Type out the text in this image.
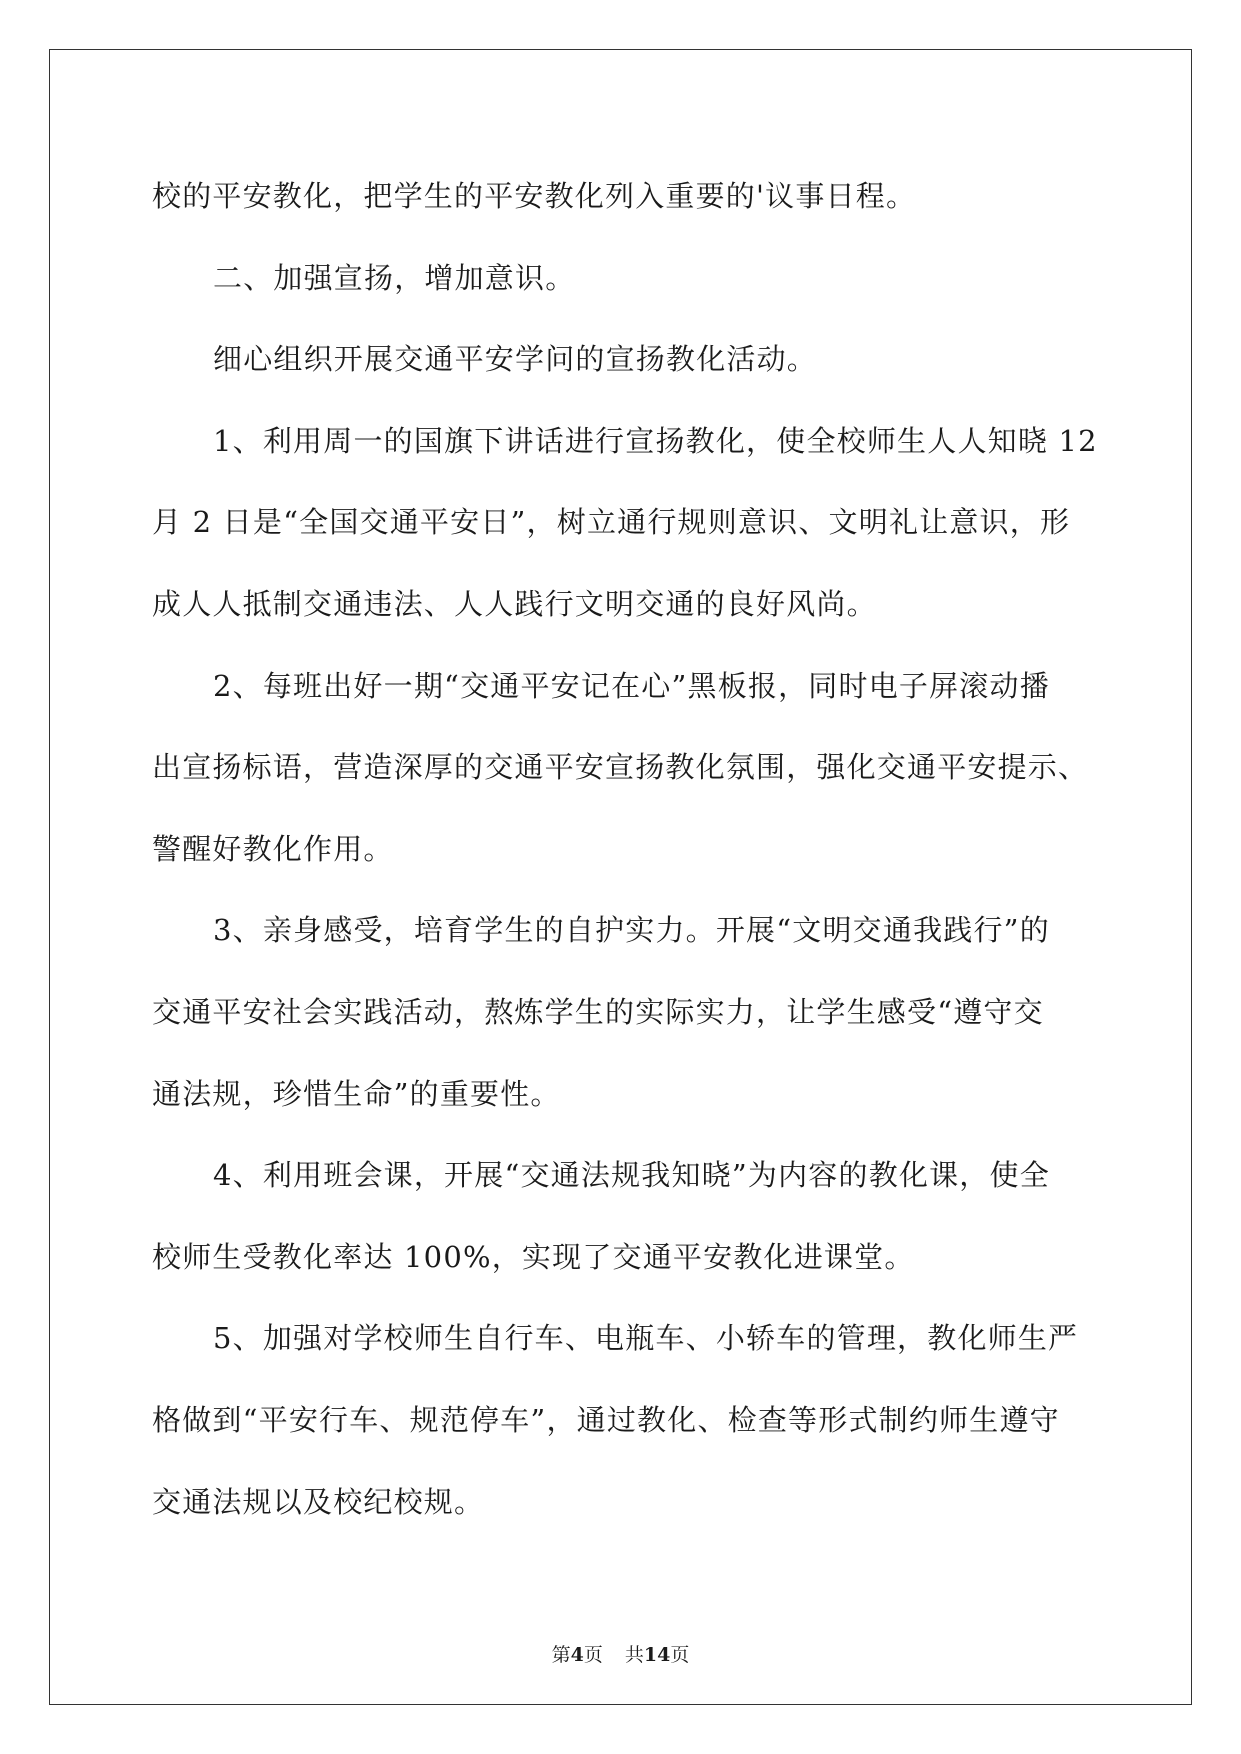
校的平安教化，把学生的平安教化列入重要的'议事日程。
二、加强宣扬，增加意识。
细心组织开展交通平安学问的宣扬教化活动。
1、利用周一的国旗下讲话进行宣扬教化，使全校师生人人知晓 12
月 2 日是“全国交通平安日”，树立通行规则意识、文明礼让意识，形
成人人抵制交通违法、人人践行文明交通的良好风尚。
2、每班出好一期“交通平安记在心”黑板报，同时电子屏滚动播
出宣扬标语，营造深厚的交通平安宣扬教化氛围，强化交通平安提示、
警醒好教化作用。
3、亲身感受，培育学生的自护实力。开展“文明交通我践行”的
交通平安社会实践活动，熬炼学生的实际实力，让学生感受“遵守交
通法规，珍惜生命”的重要性。
4、利用班会课，开展“交通法规我知晓”为内容的教化课，使全
校师生受教化率达 100%，实现了交通平安教化进课堂。
5、加强对学校师生自行车、电瓶车、小轿车的管理，教化师生严
格做到“平安行车、规范停车”，通过教化、检查等形式制约师生遵守
交通法规以及校纪校规。
第4页 共14页
